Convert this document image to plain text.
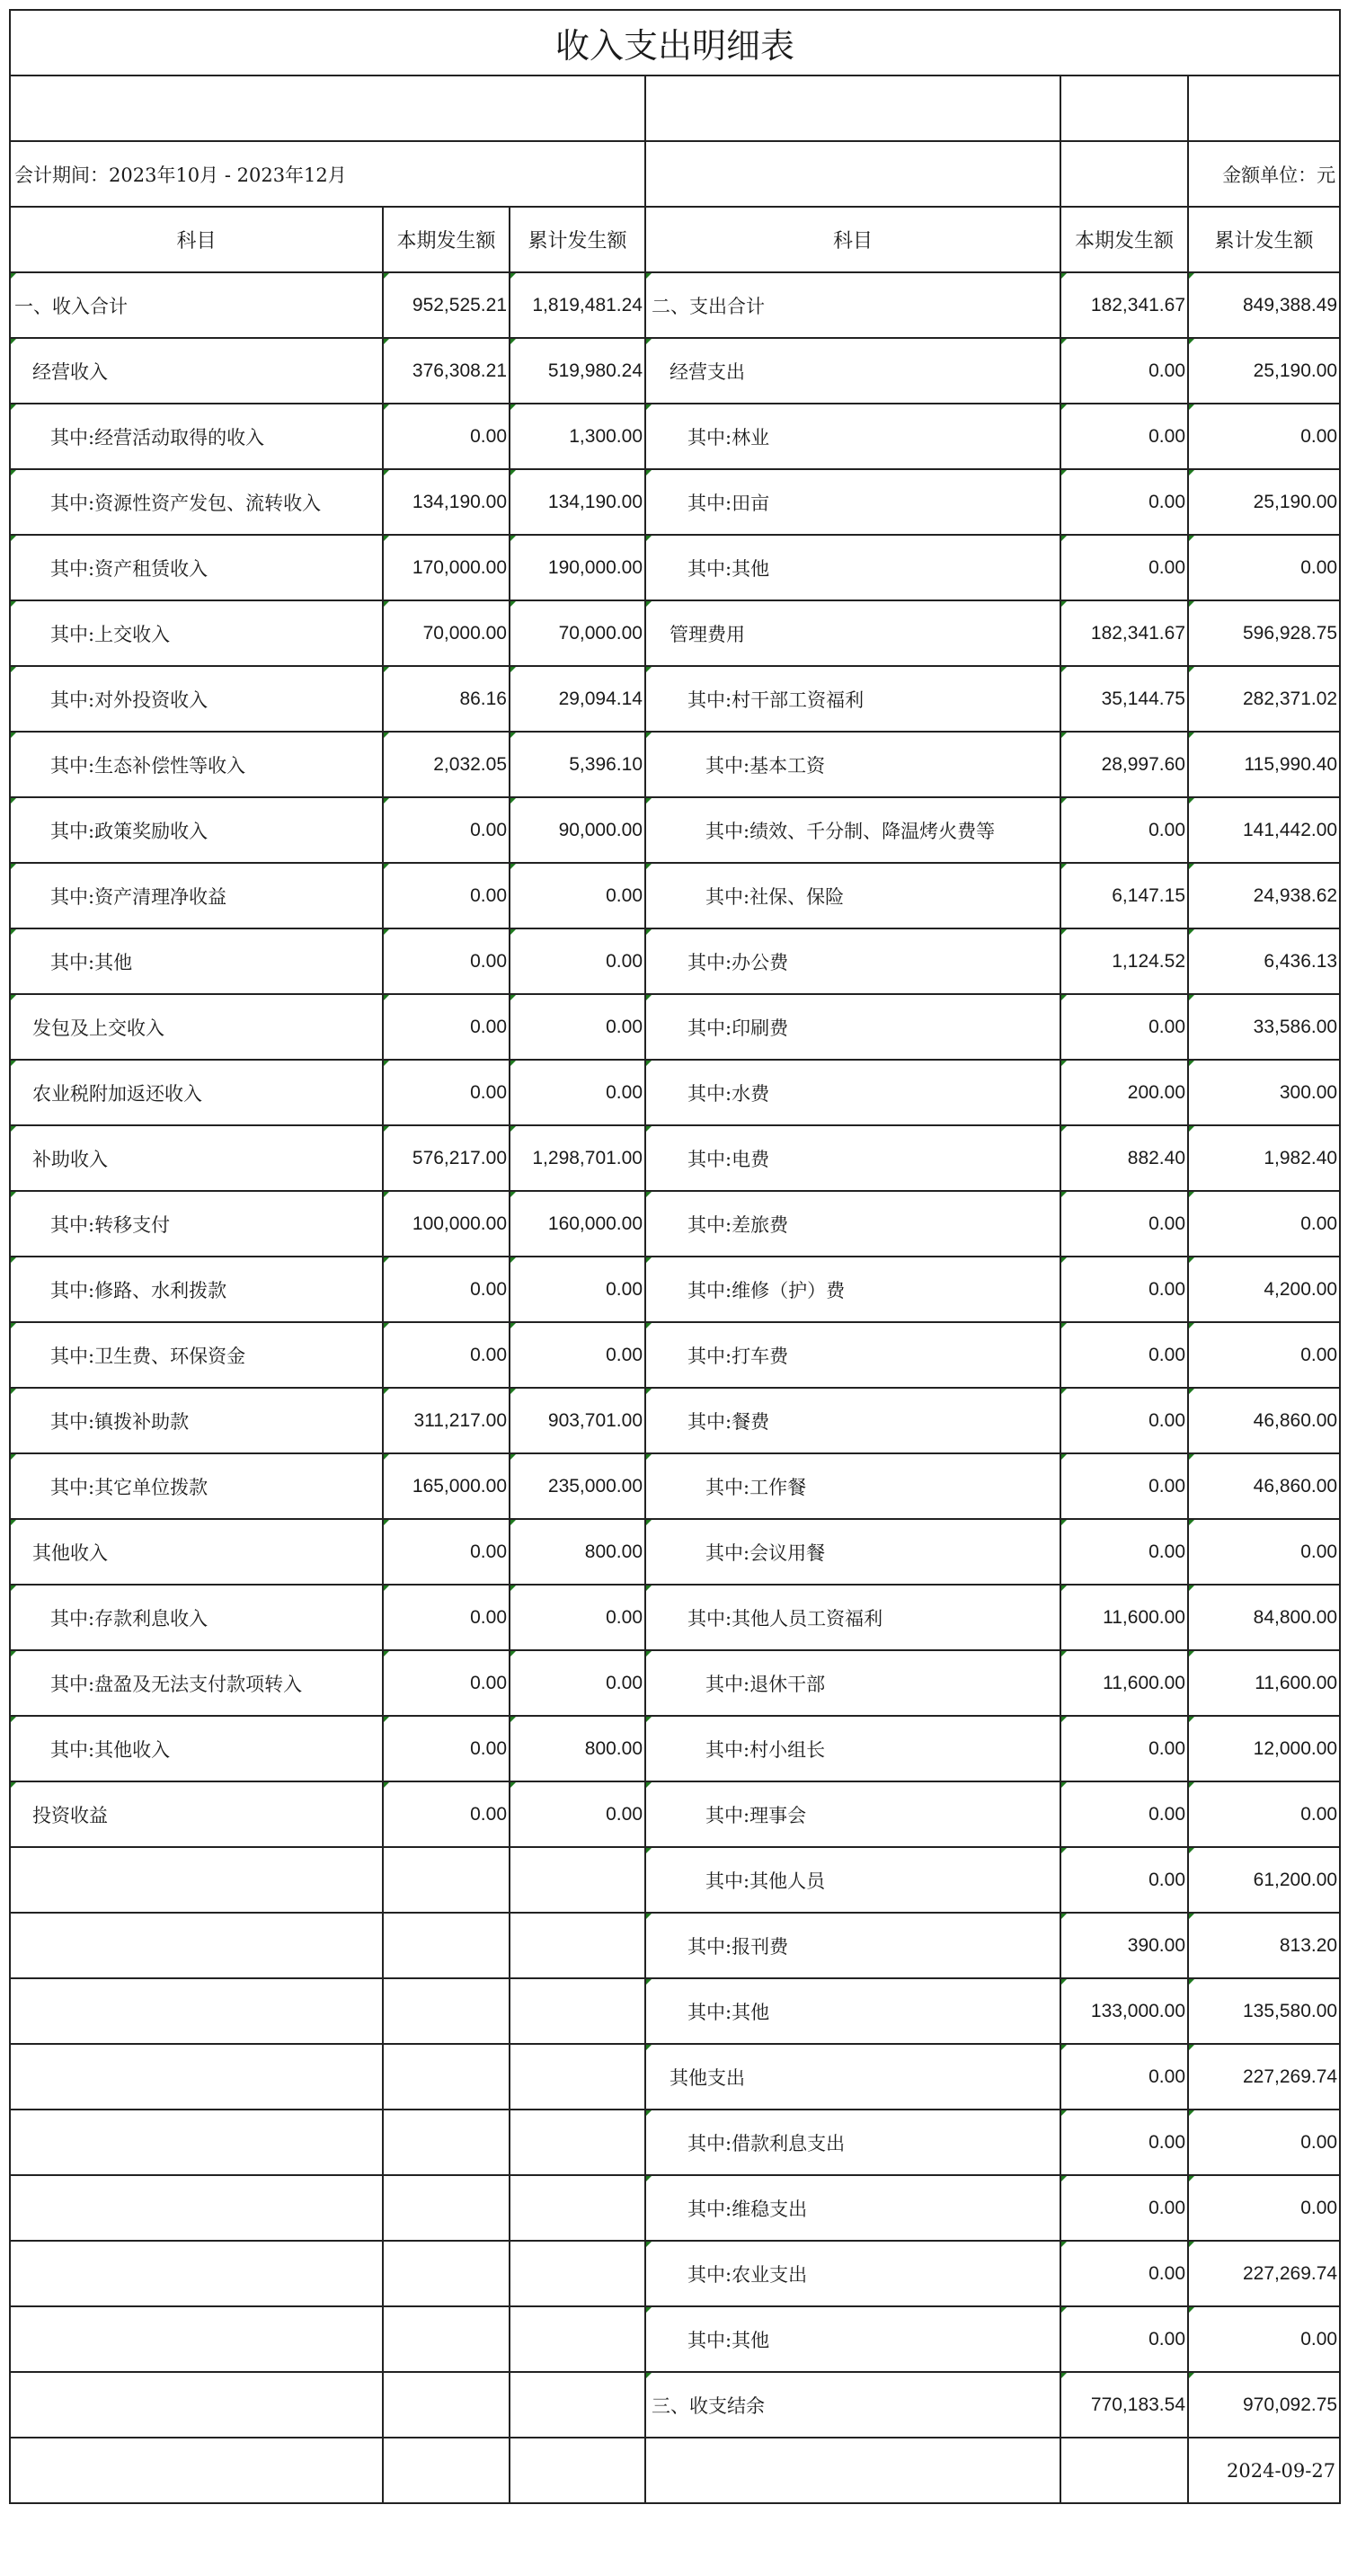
收入支出明细表					

会计期间：2023年10月 - 2023年12月					金额单位：元
科目	本期发生额	累计发生额	科目	本期发生额	累计发生额
一、收入合计	952,525.21	1,819,481.24	二、支出合计	182,341.67	849,388.49
经营收入	376,308.21	519,980.24	经营支出	0.00	25,190.00
其中:经营活动取得的收入	0.00	1,300.00	其中:林业	0.00	0.00
其中:资源性资产发包、流转收入	134,190.00	134,190.00	其中:田亩	0.00	25,190.00
其中:资产租赁收入	170,000.00	190,000.00	其中:其他	0.00	0.00
其中:上交收入	70,000.00	70,000.00	管理费用	182,341.67	596,928.75
其中:对外投资收入	86.16	29,094.14	其中:村干部工资福利	35,144.75	282,371.02
其中:生态补偿性等收入	2,032.05	5,396.10	其中:基本工资	28,997.60	115,990.40
其中:政策奖励收入	0.00	90,000.00	其中:绩效、千分制、降温烤火费等	0.00	141,442.00
其中:资产清理净收益	0.00	0.00	其中:社保、保险	6,147.15	24,938.62
其中:其他	0.00	0.00	其中:办公费	1,124.52	6,436.13
发包及上交收入	0.00	0.00	其中:印刷费	0.00	33,586.00
农业税附加返还收入	0.00	0.00	其中:水费	200.00	300.00
补助收入	576,217.00	1,298,701.00	其中:电费	882.40	1,982.40
其中:转移支付	100,000.00	160,000.00	其中:差旅费	0.00	0.00
其中:修路、水利拨款	0.00	0.00	其中:维修（护）费	0.00	4,200.00
其中:卫生费、环保资金	0.00	0.00	其中:打车费	0.00	0.00
其中:镇拨补助款	311,217.00	903,701.00	其中:餐费	0.00	46,860.00
其中:其它单位拨款	165,000.00	235,000.00	其中:工作餐	0.00	46,860.00
其他收入	0.00	800.00	其中:会议用餐	0.00	0.00
其中:存款利息收入	0.00	0.00	其中:其他人员工资福利	11,600.00	84,800.00
其中:盘盈及无法支付款项转入	0.00	0.00	其中:退休干部	11,600.00	11,600.00
其中:其他收入	0.00	800.00	其中:村小组长	0.00	12,000.00
投资收益	0.00	0.00	其中:理事会	0.00	0.00
			其中:其他人员	0.00	61,200.00
			其中:报刊费	390.00	813.20
			其中:其他	133,000.00	135,580.00
			其他支出	0.00	227,269.74
			其中:借款利息支出	0.00	0.00
			其中:维稳支出	0.00	0.00
			其中:农业支出	0.00	227,269.74
			其中:其他	0.00	0.00
			三、收支结余	770,183.54	970,092.75
					2024-09-27
